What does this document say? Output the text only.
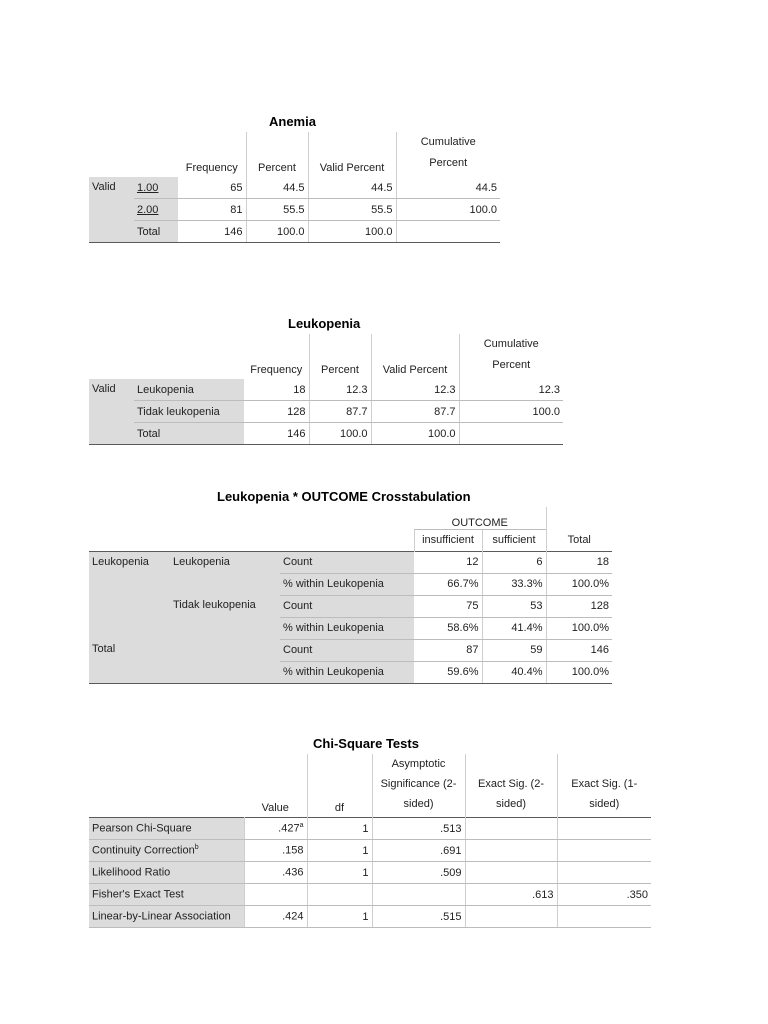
Anemia
		Frequency	Percent	Valid Percent	Cumulative
Percent
Valid	1.00	65	44.5	44.5	44.5
	2.00	81	55.5	55.5	100.0
	Total	146	100.0	100.0	
Leukopenia
		Frequency	Percent	Valid Percent	Cumulative
Percent
Valid	Leukopenia	18	12.3	12.3	12.3
	Tidak leukopenia	128	87.7	87.7	100.0
	Total	146	100.0	100.0	
Leukopenia * OUTCOME Crosstabulation
			OUTCOME		
			insufficient	sufficient	Total
Leukopenia	Leukopenia	Count	12	6	18
		% within Leukopenia	66.7%	33.3%	100.0%
	Tidak leukopenia	Count	75	53	128
		% within Leukopenia	58.6%	41.4%	100.0%
Total		Count	87	59	146
		% within Leukopenia	59.6%	40.4%	100.0%
Chi-Square Tests
	Value	df	Asymptotic
Significance (2-
sided)	Exact Sig. (2-
sided)	Exact Sig. (1-
sided)
Pearson Chi-Square	.427$^a$	1	.513		
Continuity Correction$^b$	.158	1	.691		
Likelihood Ratio	.436	1	.509		
Fisher's Exact Test				.613	.350
Linear-by-Linear Association	.424	1	.515		
